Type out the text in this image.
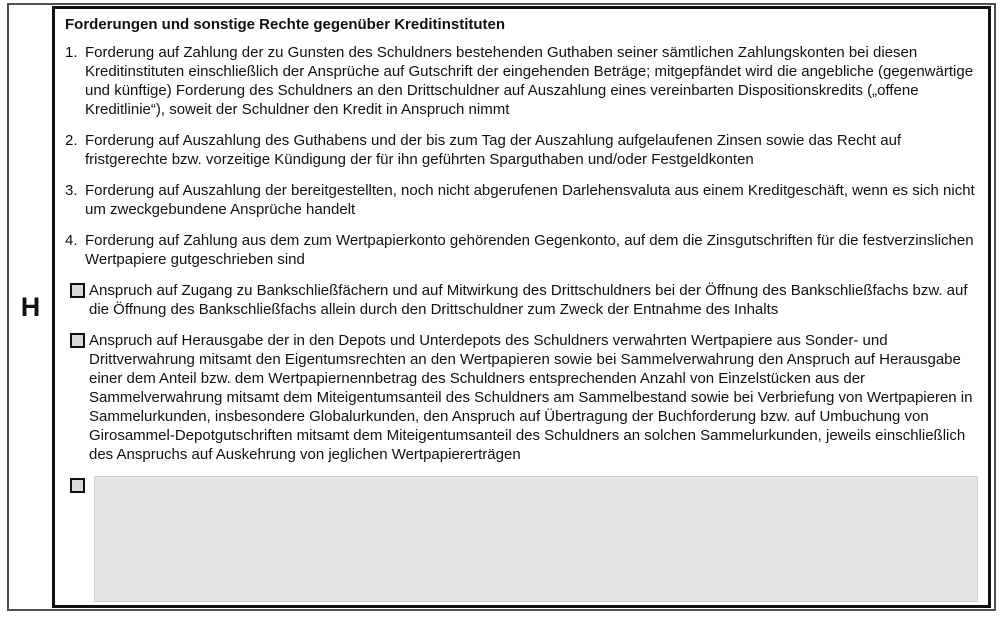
H
Forderungen und sonstige Rechte gegenüber Kreditinstituten
1. Forderung auf Zahlung der zu Gunsten des Schuldners bestehenden Guthaben seiner sämtlichen Zahlungskonten bei diesen Kreditinstituten einschließlich der Ansprüche auf Gutschrift der eingehenden Beträge; mitgepfändet wird die angebliche (gegenwärtige und künftige) Forderung des Schuldners an den Drittschuldner auf Auszahlung eines vereinbarten Dispositionskredits („offene Kreditlinie“), soweit der Schuldner den Kredit in Anspruch nimmt
2. Forderung auf Auszahlung des Guthabens und der bis zum Tag der Auszahlung aufgelaufenen Zinsen sowie das Recht auf fristgerechte bzw. vorzeitige Kündigung der für ihn geführten Sparguthaben und/oder Festgeldkonten
3. Forderung auf Auszahlung der bereitgestellten, noch nicht abgerufenen Darlehensvaluta aus einem Kreditgeschäft, wenn es sich nicht um zweckgebundene Ansprüche handelt
4. Forderung auf Zahlung aus dem zum Wertpapierkonto gehörenden Gegenkonto, auf dem die Zinsgutschriften für die festverzinslichen Wertpapiere gutgeschrieben sind
Anspruch auf Zugang zu Bankschließfächern und auf Mitwirkung des Drittschuldners bei der Öffnung des Bankschließfachs bzw. auf die Öffnung des Bankschließfachs allein durch den Drittschuldner zum Zweck der Entnahme des Inhalts
Anspruch auf Herausgabe der in den Depots und Unterdepots des Schuldners verwahrten Wertpapiere aus Sonder- und Drittverwahrung mitsamt den Eigentumsrechten an den Wertpapieren sowie bei Sammelverwahrung den Anspruch auf Herausgabe einer dem Anteil bzw. dem Wertpapiernennbetrag des Schuldners entsprechenden Anzahl von Einzelstücken aus der Sammelverwahrung mitsamt dem Miteigentumsanteil des Schuldners am Sammelbestand sowie bei Verbriefung von Wertpapieren in Sammelurkunden, insbesondere Globalurkunden, den Anspruch auf Übertragung der Buchforderung bzw. auf Umbuchung von Girosammel-Depotgutschriften mitsamt dem Miteigentumsanteil des Schuldners an solchen Sammelurkunden, jeweils einschließlich des Anspruchs auf Auskehrung von jeglichen Wertpapiererträgen
